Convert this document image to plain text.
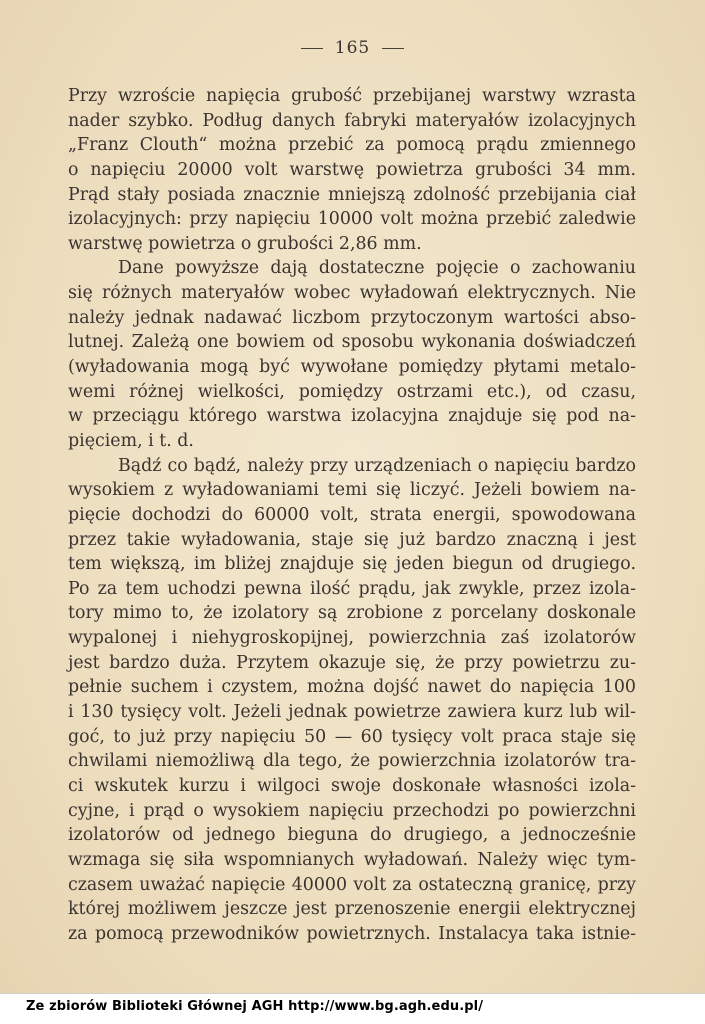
165
Przy wzroście napięcia grubość przebijanej warstwy wzrasta
nader szybko. Podług danych fabryki materyałów izolacyjnych
„Franz Clouth“ można przebić za pomocą prądu zmiennego
o napięciu 20000 volt warstwę powietrza grubości 34 mm.
Prąd stały posiada znacznie mniejszą zdolność przebijania ciał
izolacyjnych: przy napięciu 10000 volt można przebić zaledwie
warstwę powietrza o grubości 2,86 mm.
Dane powyższe dają dostateczne pojęcie o zachowaniu
się różnych materyałów wobec wyładowań elektrycznych. Nie
należy jednak nadawać liczbom przytoczonym wartości abso-
lutnej. Zależą one bowiem od sposobu wykonania doświadczeń
(wyładowania mogą być wywołane pomiędzy płytami metalo-
wemi różnej wielkości, pomiędzy ostrzami etc.), od czasu,
w przeciągu którego warstwa izolacyjna znajduje się pod na-
pięciem, i t. d.
Bądź co bądź, należy przy urządzeniach o napięciu bardzo
wysokiem z wyładowaniami temi się liczyć. Jeżeli bowiem na-
pięcie dochodzi do 60000 volt, strata energii, spowodowana
przez takie wyładowania, staje się już bardzo znaczną i jest
tem większą, im bliżej znajduje się jeden biegun od drugiego.
Po za tem uchodzi pewna ilość prądu, jak zwykle, przez izola-
tory mimo to, że izolatory są zrobione z porcelany doskonale
wypalonej i niehygroskopijnej, powierzchnia zaś izolatorów
jest bardzo duża. Przytem okazuje się, że przy powietrzu zu-
pełnie suchem i czystem, można dojść nawet do napięcia 100
i 130 tysięcy volt. Jeżeli jednak powietrze zawiera kurz lub wil-
goć, to już przy napięciu 50 — 60 tysięcy volt praca staje się
chwilami niemożliwą dla tego, że powierzchnia izolatorów tra-
ci wskutek kurzu i wilgoci swoje doskonałe własności izola-
cyjne, i prąd o wysokiem napięciu przechodzi po powierzchni
izolatorów od jednego bieguna do drugiego, a jednocześnie
wzmaga się siła wspomnianych wyładowań. Należy więc tym-
czasem uważać napięcie 40000 volt za ostateczną granicę, przy
której możliwem jeszcze jest przenoszenie energii elektrycznej
za pomocą przewodników powietrznych. Instalacya taka istnie-
Ze zbiorów Biblioteki Głównej AGH http://www.bg.agh.edu.pl/
